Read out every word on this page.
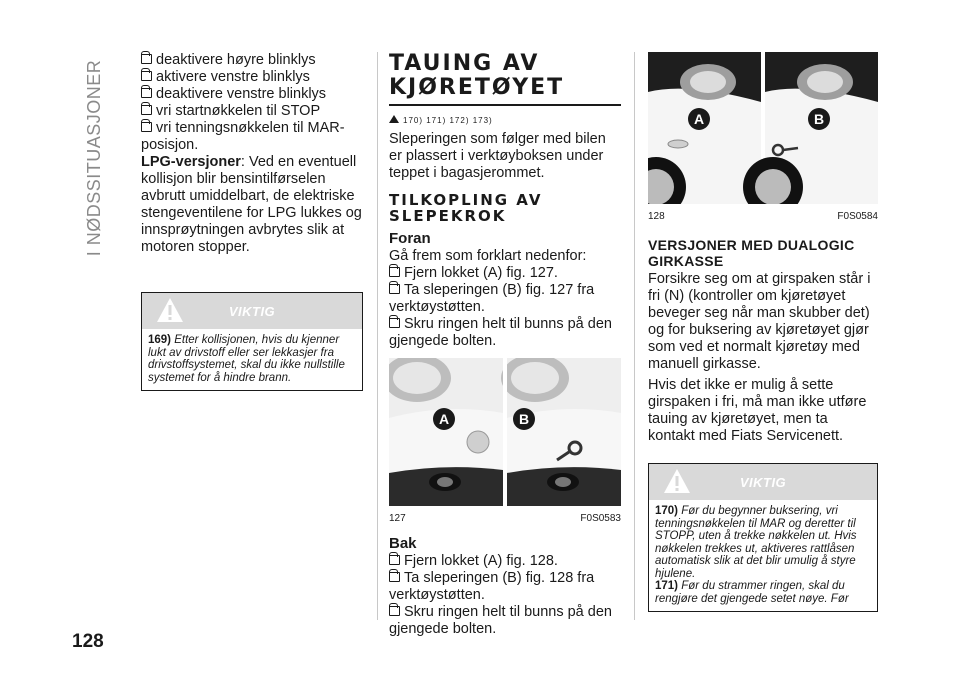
I NØDSSITUASJONER
128
deaktivere høyre blinklys
aktivere venstre blinklys
deaktivere venstre blinklys
vri startnøkkelen til STOP
vri tenningsnøkkelen til MAR-

posisjon.

LPG-versjoner: Ved en eventuell kollisjon blir bensintilførselen avbrutt umiddelbart, de elektriske stengeventilene for LPG lukkes og innsprøytningen avbrytes slik at motoren stopper.

VIKTIG
169) Etter kollisjonen, hvis du kjenner lukt av drivstoff eller ser lekkasjer fra drivstoffsystemet, skal du ikke nullstille systemet for å hindre brann.
TAUING AV
KJØRETØYET
170) 171) 172) 173)

Sleperingen som følger med bilen er plassert i verktøyboksen under teppet i bagasjerommet.

TILKOPLING AV
SLEPEKROK
Foran

Gå frem som forklart nedenfor:

Fjern lokket (A) fig. 127.
Ta sleperingen (B) fig. 127 fra

verktøystøtten.

Skru ringen helt til bunns på den

gjengede bolten.

A	B
127	F0S0583
Bak
Fjern lokket (A) fig. 128.
Ta sleperingen (B) fig. 128 fra

verktøystøtten.

Skru ringen helt til bunns på den

gjengede bolten.

A	B
128	F0S0584
VERSJONER MED DUALOGIC
GIRKASSE

Forsikre seg om at girspaken står i fri (N) (kontroller om kjøretøyet beveger seg når man skubber det) og for buksering av kjøretøyet gjør som ved et normalt kjøretøy med manuell girkasse.

Hvis det ikke er mulig å sette girspaken i fri, må man ikke utføre tauing av kjøretøyet, men ta kontakt med Fiats Servicenett.

VIKTIG
170) Før du begynner buksering, vri tenningsnøkkelen til MAR og deretter til STOPP, uten å trekke nøkkelen ut. Hvis nøkkelen trekkes ut, aktiveres rattlåsen automatisk slik at det blir umulig å styre hjulene.
171) Før du strammer ringen, skal du rengjøre det gjengede setet nøye. Før
